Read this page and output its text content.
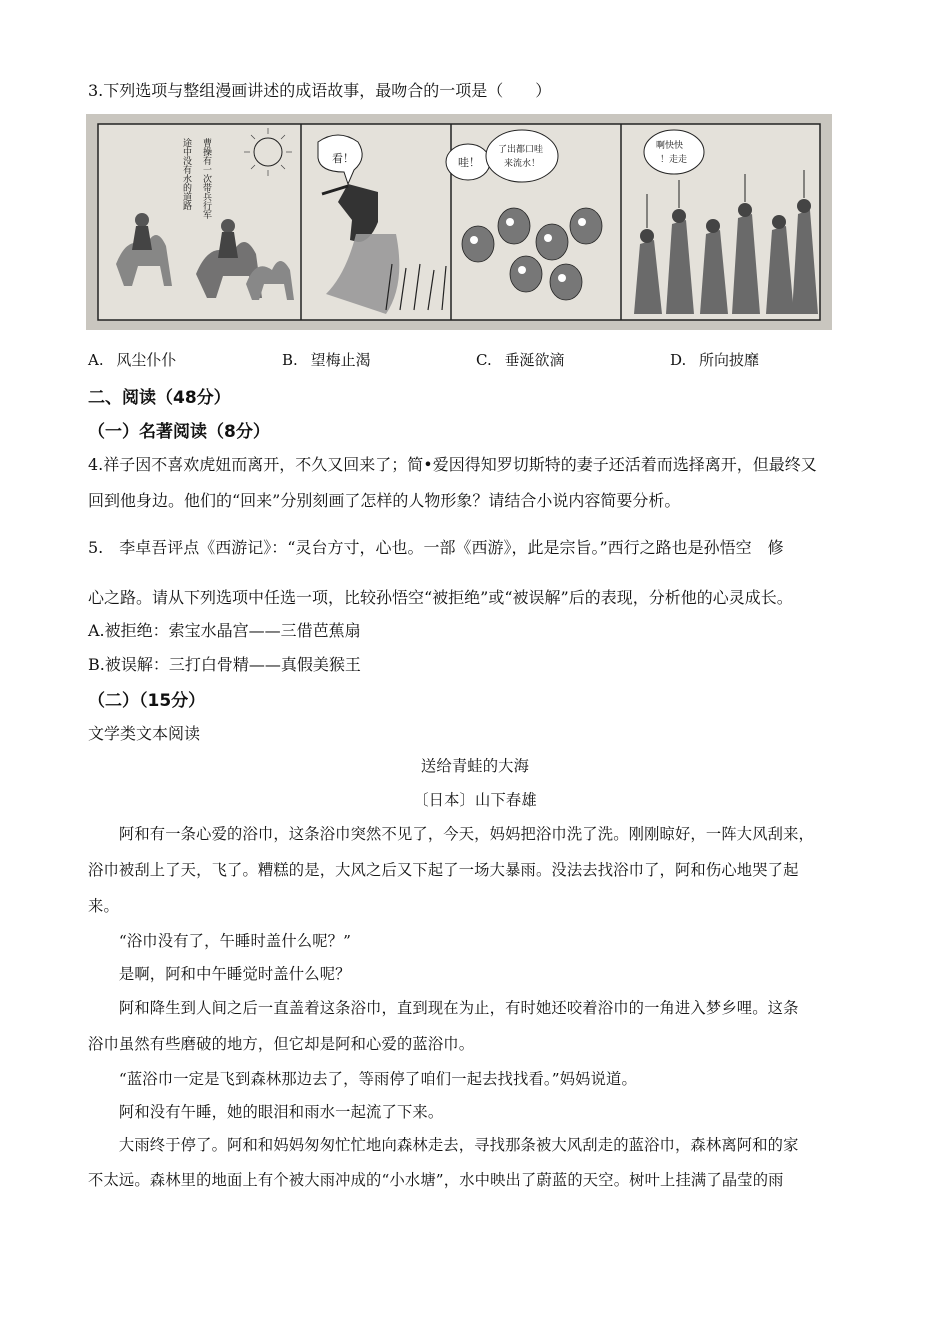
3.下列选项与整组漫画讲述的成语故事，最吻合的一项是（　　）
曹操有一次带兵行军
途中没有水的道路	看！	哇！
了出都口哇
来流水！
啊快快
！走走
A. 风尘仆仆	B. 望梅止渴	C. 垂涎欲滴	D. 所向披靡
二、阅读（48分）
（一）名著阅读（8分）
4.祥子因不喜欢虎妞而离开，不久又回来了；简•爱因得知罗切斯特的妻子还活着而选择离开，但最终又
回到他身边。他们的“回来”分别刻画了怎样的人物形象？请结合小说内容简要分析。
5.　李卓吾评点《西游记》：“灵台方寸，心也。一部《西游》，此是宗旨。”西行之路也是孙悟空　修
心之路。请从下列选项中任选一项，比较孙悟空“被拒绝”或“被误解”后的表现，分析他的心灵成长。
A.被拒绝：索宝水晶宫——三借芭蕉扇
B.被误解：三打白骨精——真假美猴王
（二）（15分）
文学类文本阅读
送给青蛙的大海
〔日本〕山下春雄
　　阿和有一条心爱的浴巾，这条浴巾突然不见了，今天，妈妈把浴巾洗了洗。刚刚晾好，一阵大风刮来，
浴巾被刮上了天，飞了。糟糕的是，大风之后又下起了一场大暴雨。没法去找浴巾了，阿和伤心地哭了起
来。
　　“浴巾没有了，午睡时盖什么呢？”
　　是啊，阿和中午睡觉时盖什么呢？
　　阿和降生到人间之后一直盖着这条浴巾，直到现在为止，有时她还咬着浴巾的一角进入梦乡哩。这条
浴巾虽然有些磨破的地方，但它却是阿和心爱的蓝浴巾。
　　“蓝浴巾一定是飞到森林那边去了，等雨停了咱们一起去找找看。”妈妈说道。
　　阿和没有午睡，她的眼泪和雨水一起流了下来。
　　大雨终于停了。阿和和妈妈匆匆忙忙地向森林走去，寻找那条被大风刮走的蓝浴巾，森林离阿和的家
不太远。森林里的地面上有个被大雨冲成的“小水塘”，水中映出了蔚蓝的天空。树叶上挂满了晶莹的雨
